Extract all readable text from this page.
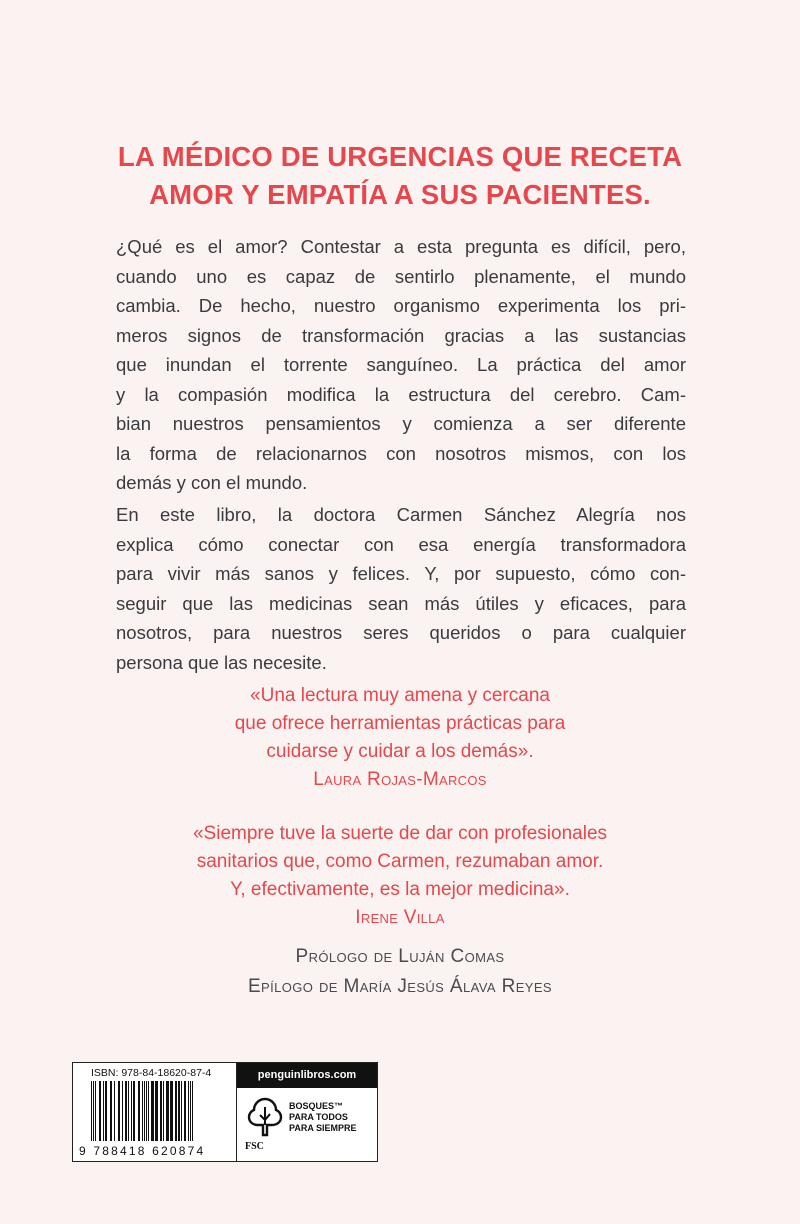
LA MÉDICO DE URGENCIAS QUE RECETA
AMOR Y EMPATÍA A SUS PACIENTES.
¿Qué es el amor? Contestar a esta pregunta es difícil, pero,
cuando uno es capaz de sentirlo plenamente, el mundo
cambia. De hecho, nuestro organismo experimenta los pri-
meros signos de transformación gracias a las sustancias
que inundan el torrente sanguíneo. La práctica del amor
y la compasión modifica la estructura del cerebro. Cam-
bian nuestros pensamientos y comienza a ser diferente
la forma de relacionarnos con nosotros mismos, con los
demás y con el mundo.
En este libro, la doctora Carmen Sánchez Alegría nos
explica cómo conectar con esa energía transformadora
para vivir más sanos y felices. Y, por supuesto, cómo con-
seguir que las medicinas sean más útiles y eficaces, para
nosotros, para nuestros seres queridos o para cualquier
persona que las necesite.
«Una lectura muy amena y cercana
que ofrece herramientas prácticas para
cuidarse y cuidar a los demás».
Laura Rojas-Marcos
«Siempre tuve la suerte de dar con profesionales
sanitarios que, como Carmen, rezumaban amor.
Y, efectivamente, es la mejor medicina».
Irene Villa
Prólogo de Luján Comas
Epílogo de María Jesús Álava Reyes
ISBN: 978-84-18620-87-4
9 788418 620874
penguinlibros.com
BOSQUES™
PARA TODOS
PARA SIEMPRE
FSC
